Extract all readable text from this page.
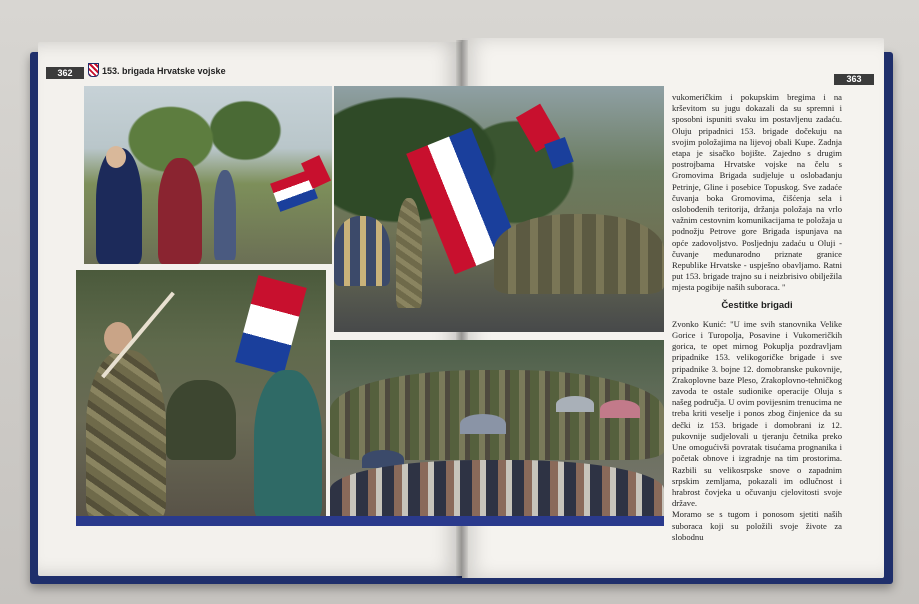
362	153. brigada Hrvatske vojske
363

vukomeričkim i pokupskim bregima i na krševitom su jugu dokazali da su spremni i sposobni ispuniti svaku im postavljenu zadaću. Oluju pripadnici 153. brigade dočekuju na svojim položajima na lijevoj obali Kupe. Zadnja etapa je sisačko bojište. Zajedno s drugim postrojbama Hrvatske vojske na čelu s Gromovima Brigada sudjeluje u oslobađanju Petrinje, Gline i posebice Topuskog. Sve zadaće čuvanja boka Gromovima, čišćenja sela i oslobođenih teritorija, držanja položaja na vrlo važnim cestovnim komunikacijama te položaja u podnožju Petrove gore Brigada ispunjava na opće zadovoljstvo. Posljednju zadaću u Oluji - čuvanje međunarodno priznate granice Republike Hrvatske - uspješno obavljamo. Ratni put 153. brigade trajno su i neizbrisivo obilježila mjesta pogibije naših suboraca. "

Čestitke brigadi

Zvonko Kunić: "U ime svih stanovnika Velike Gorice i Turopolja, Posavine i Vukomeričkih gorica, te opet mirnog Pokuplja pozdravljam pripadnike 153. velikogoričke brigade i sve pripadnike 3. bojne 12. domobranske pukovnije, Zrakoplovne baze Pleso, Zrakoplovno-tehničkog zavoda te ostale sudionike operacije Oluja s našeg područja. U ovim povijesnim trenucima ne treba kriti veselje i ponos zbog činjenice da su dečki iz 153. brigade i domobrani iz 12. pukovnije sudjelovali u tjeranju četnika preko Une omogućivši povratak tisućama prognanika i početak obnove i izgradnje na tim prostorima. Razbili su velikosrpske snove o zapadnim srpskim zemljama, pokazali im odlučnost i hrabrost čovjeka u očuvanju cjelovitosti svoje države.

Moramo se s tugom i ponosom sjetiti naših suboraca koji su položili svoje živote za slobodnu
